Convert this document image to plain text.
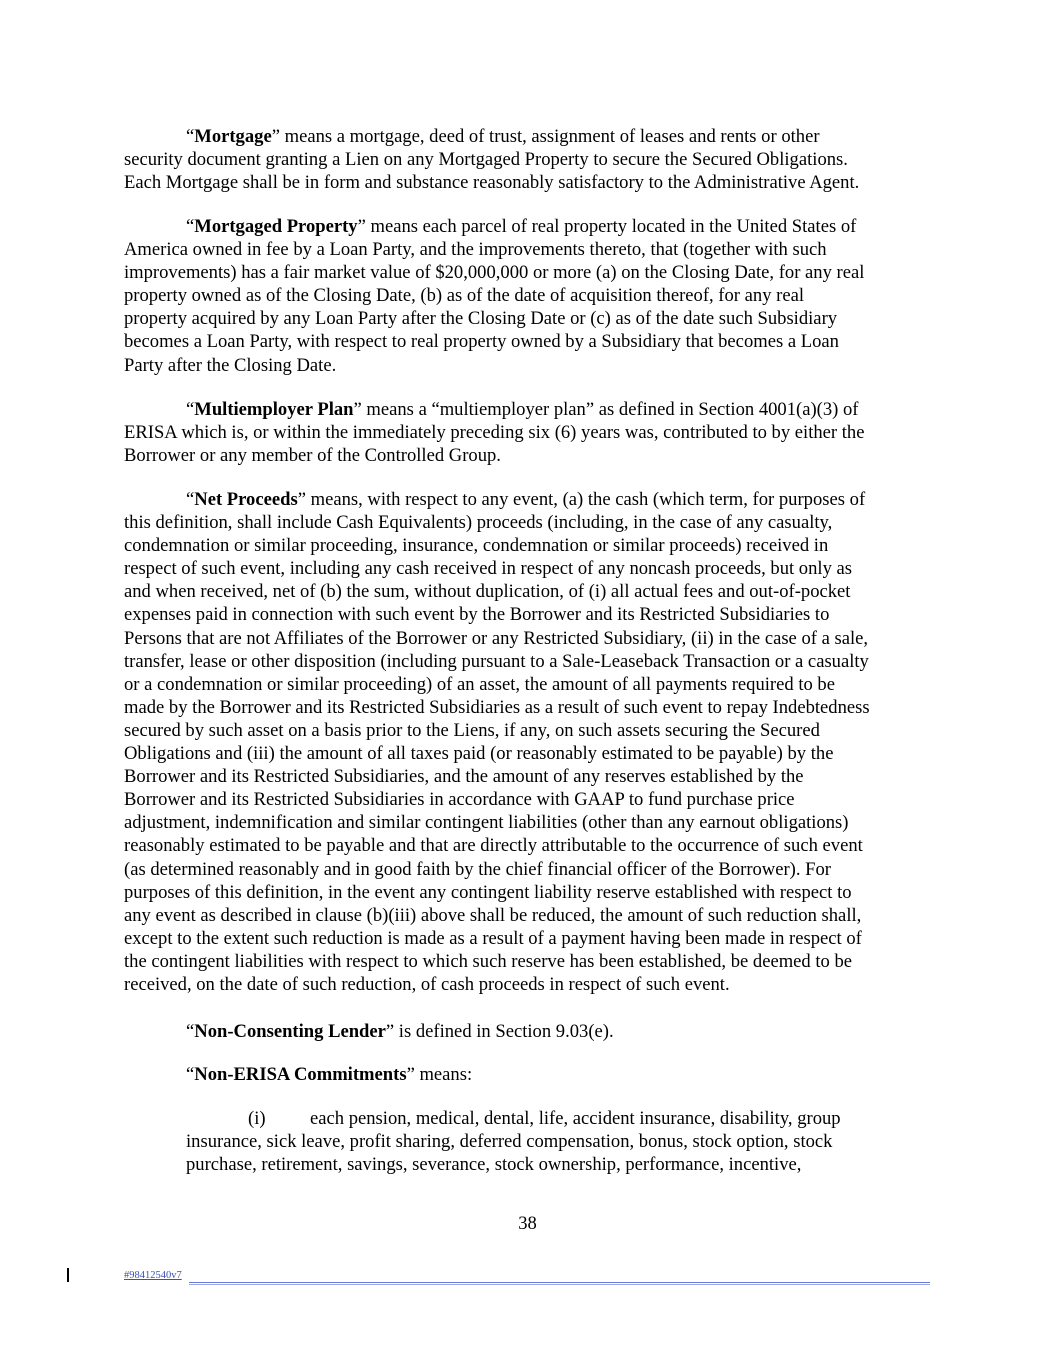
“Mortgage” means a mortgage, deed of trust, assignment of leases and rents or other
security document granting a Lien on any Mortgaged Property to secure the Secured Obligations.
Each Mortgage shall be in form and substance reasonably satisfactory to the Administrative Agent.
“Mortgaged Property” means each parcel of real property located in the United States of
America owned in fee by a Loan Party, and the improvements thereto, that (together with such
improvements) has a fair market value of $20,000,000 or more (a) on the Closing Date, for any real
property owned as of the Closing Date, (b) as of the date of acquisition thereof, for any real
property acquired by any Loan Party after the Closing Date or (c) as of the date such Subsidiary
becomes a Loan Party, with respect to real property owned by a Subsidiary that becomes a Loan
Party after the Closing Date.
“Multiemployer Plan” means a “multiemployer plan” as defined in Section 4001(a)(3) of
ERISA which is, or within the immediately preceding six (6) years was, contributed to by either the
Borrower or any member of the Controlled Group.
“Net Proceeds” means, with respect to any event, (a) the cash (which term, for purposes of
this definition, shall include Cash Equivalents) proceeds (including, in the case of any casualty,
condemnation or similar proceeding, insurance, condemnation or similar proceeds) received in
respect of such event, including any cash received in respect of any noncash proceeds, but only as
and when received, net of (b) the sum, without duplication, of (i) all actual fees and out-of-pocket
expenses paid in connection with such event by the Borrower and its Restricted Subsidiaries to
Persons that are not Affiliates of the Borrower or any Restricted Subsidiary, (ii) in the case of a sale,
transfer, lease or other disposition (including pursuant to a Sale-Leaseback Transaction or a casualty
or a condemnation or similar proceeding) of an asset, the amount of all payments required to be
made by the Borrower and its Restricted Subsidiaries as a result of such event to repay Indebtedness
secured by such asset on a basis prior to the Liens, if any, on such assets securing the Secured
Obligations and (iii) the amount of all taxes paid (or reasonably estimated to be payable) by the
Borrower and its Restricted Subsidiaries, and the amount of any reserves established by the
Borrower and its Restricted Subsidiaries in accordance with GAAP to fund purchase price
adjustment, indemnification and similar contingent liabilities (other than any earnout obligations)
reasonably estimated to be payable and that are directly attributable to the occurrence of such event
(as determined reasonably and in good faith by the chief financial officer of the Borrower). For
purposes of this definition, in the event any contingent liability reserve established with respect to
any event as described in clause (b)(iii) above shall be reduced, the amount of such reduction shall,
except to the extent such reduction is made as a result of a payment having been made in respect of
the contingent liabilities with respect to which such reserve has been established, be deemed to be
received, on the date of such reduction, of cash proceeds in respect of such event.
“Non-Consenting Lender” is defined in Section 9.03(e).
“Non-ERISA Commitments” means:
(i) each pension, medical, dental, life, accident insurance, disability, group
insurance, sick leave, profit sharing, deferred compensation, bonus, stock option, stock
purchase, retirement, savings, severance, stock ownership, performance, incentive,
38
#98412540v7
